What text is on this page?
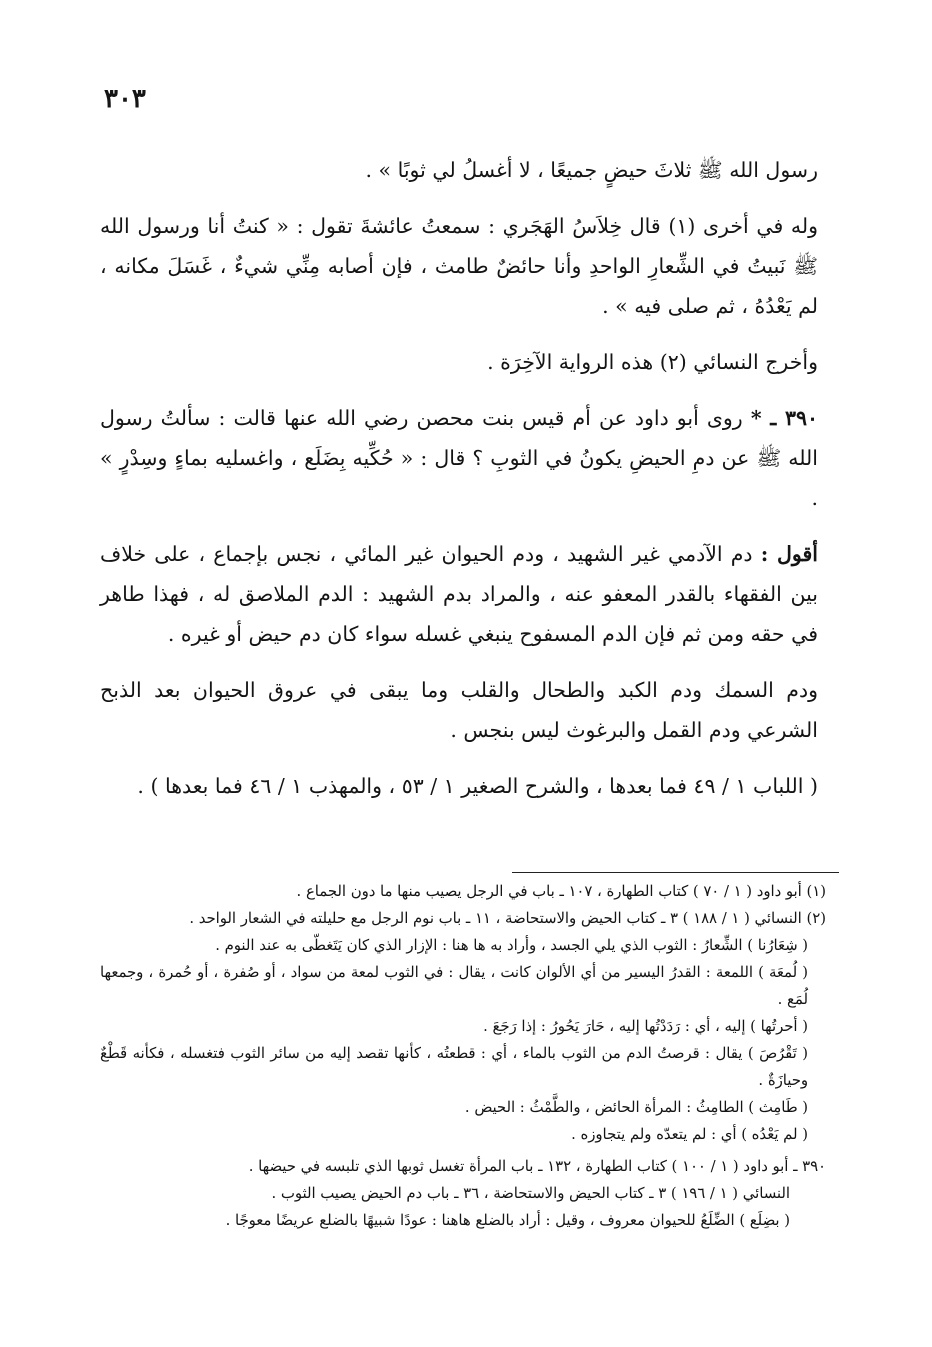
٣٠٣

رسول الله ﷺ ثلاثَ حيضٍ جميعًا ، لا أغسلُ لي ثوبًا » .

وله في أخرى (١) قال خِلاَسُ الهَجَري : سمعتُ عائشةَ تقول : « كنتُ أنا ورسول الله ﷺ نَبيتُ في الشِّعارِ الواحدِ وأنا حائضٌ طامث ، فإن أصابه مِنِّي شيءٌ ، غَسَلَ مكانه ، لم يَعْدُهُ ، ثم صلى فيه » .

وأخرج النسائي (٢) هذه الرواية الآخِرَة .

٣٩٠ ـ * روى أبو داود عن أم قيس بنت محصن رضي الله عنها قالت : سألتُ رسول الله ﷺ عن دمِ الحيضِ يكونُ في الثوبِ ؟ قال : « حُكِّيه بِضَلَع ، واغسليه بماءٍ وسِدْرٍ » .

أقول : دم الآدمي غير الشهيد ، ودم الحيوان غير المائي ، نجس بإجماع ، على خلاف بين الفقهاء بالقدر المعفو عنه ، والمراد بدم الشهيد : الدم الملاصق له ، فهذا طاهر في حقه ومن ثم فإن الدم المسفوح ينبغي غسله سواء كان دم حيض أو غيره .

ودم السمك ودم الكبد والطحال والقلب وما يبقى في عروق الحيوان بعد الذبح الشرعي ودم القمل والبرغوث ليس بنجس .

( اللباب ١ / ٤٩ فما بعدها ، والشرح الصغير ١ / ٥٣ ، والمهذب ١ / ٤٦ فما بعدها ) .

(١) أبو داود ( ١ / ٧٠ ) كتاب الطهارة ، ١٠٧ ـ باب في الرجل يصيب منها ما دون الجماع .

(٢) النسائي ( ١ / ١٨٨ ) ٣ ـ كتاب الحيض والاستحاضة ، ١١ ـ باب نوم الرجل مع حليلته في الشعار الواحد .

( شِعَارُنا ) الشِّعارُ : الثوب الذي يلي الجسد ، وأراد به ها هنا : الإزار الذي كان يَتَغطّى به عند النوم .

( لُمعَة ) اللمعة : القدرُ اليسير من أي الألوان كانت ، يقال : في الثوب لمعة من سواد ، أو صُفرة ، أو حُمرة ، وجمعها لُمَع .

( أحرتُها ) إليه ، أي : رَدَدْتُها إليه ، حَارَ يَحُورُ : إذا رَجَعَ .

( تَقْرُصَ ) يقال : قرصتُ الدم من الثوب بالماء ، أي : قطعتُه ، كأنها تقصد إليه من سائر الثوب فتغسله ، فكأنه قَطْعٌ وحيازَةٌ .

( طَامِث ) الطامِثُ : المرأة الحائض ، والطَّمْثُ : الحيض .

( لم يَعْدُه ) أي : لم يتعدّه ولم يتجاوزه .

٣٩٠ ـ أبو داود ( ١ / ١٠٠ ) كتاب الطهارة ، ١٣٢ ـ باب المرأة تغسل ثوبها الذي تلبسه في حيضها .

النسائي ( ١ / ١٩٦ ) ٣ ـ كتاب الحيض والاستحاضة ، ٣٦ ـ باب دم الحيض يصيب الثوب .

( بضِلَع ) الضِّلَعُ للحيوان معروف ، وقيل : أراد بالضلع هاهنا : عودًا شبيهًا بالضلع عريضًا معوجًا .
